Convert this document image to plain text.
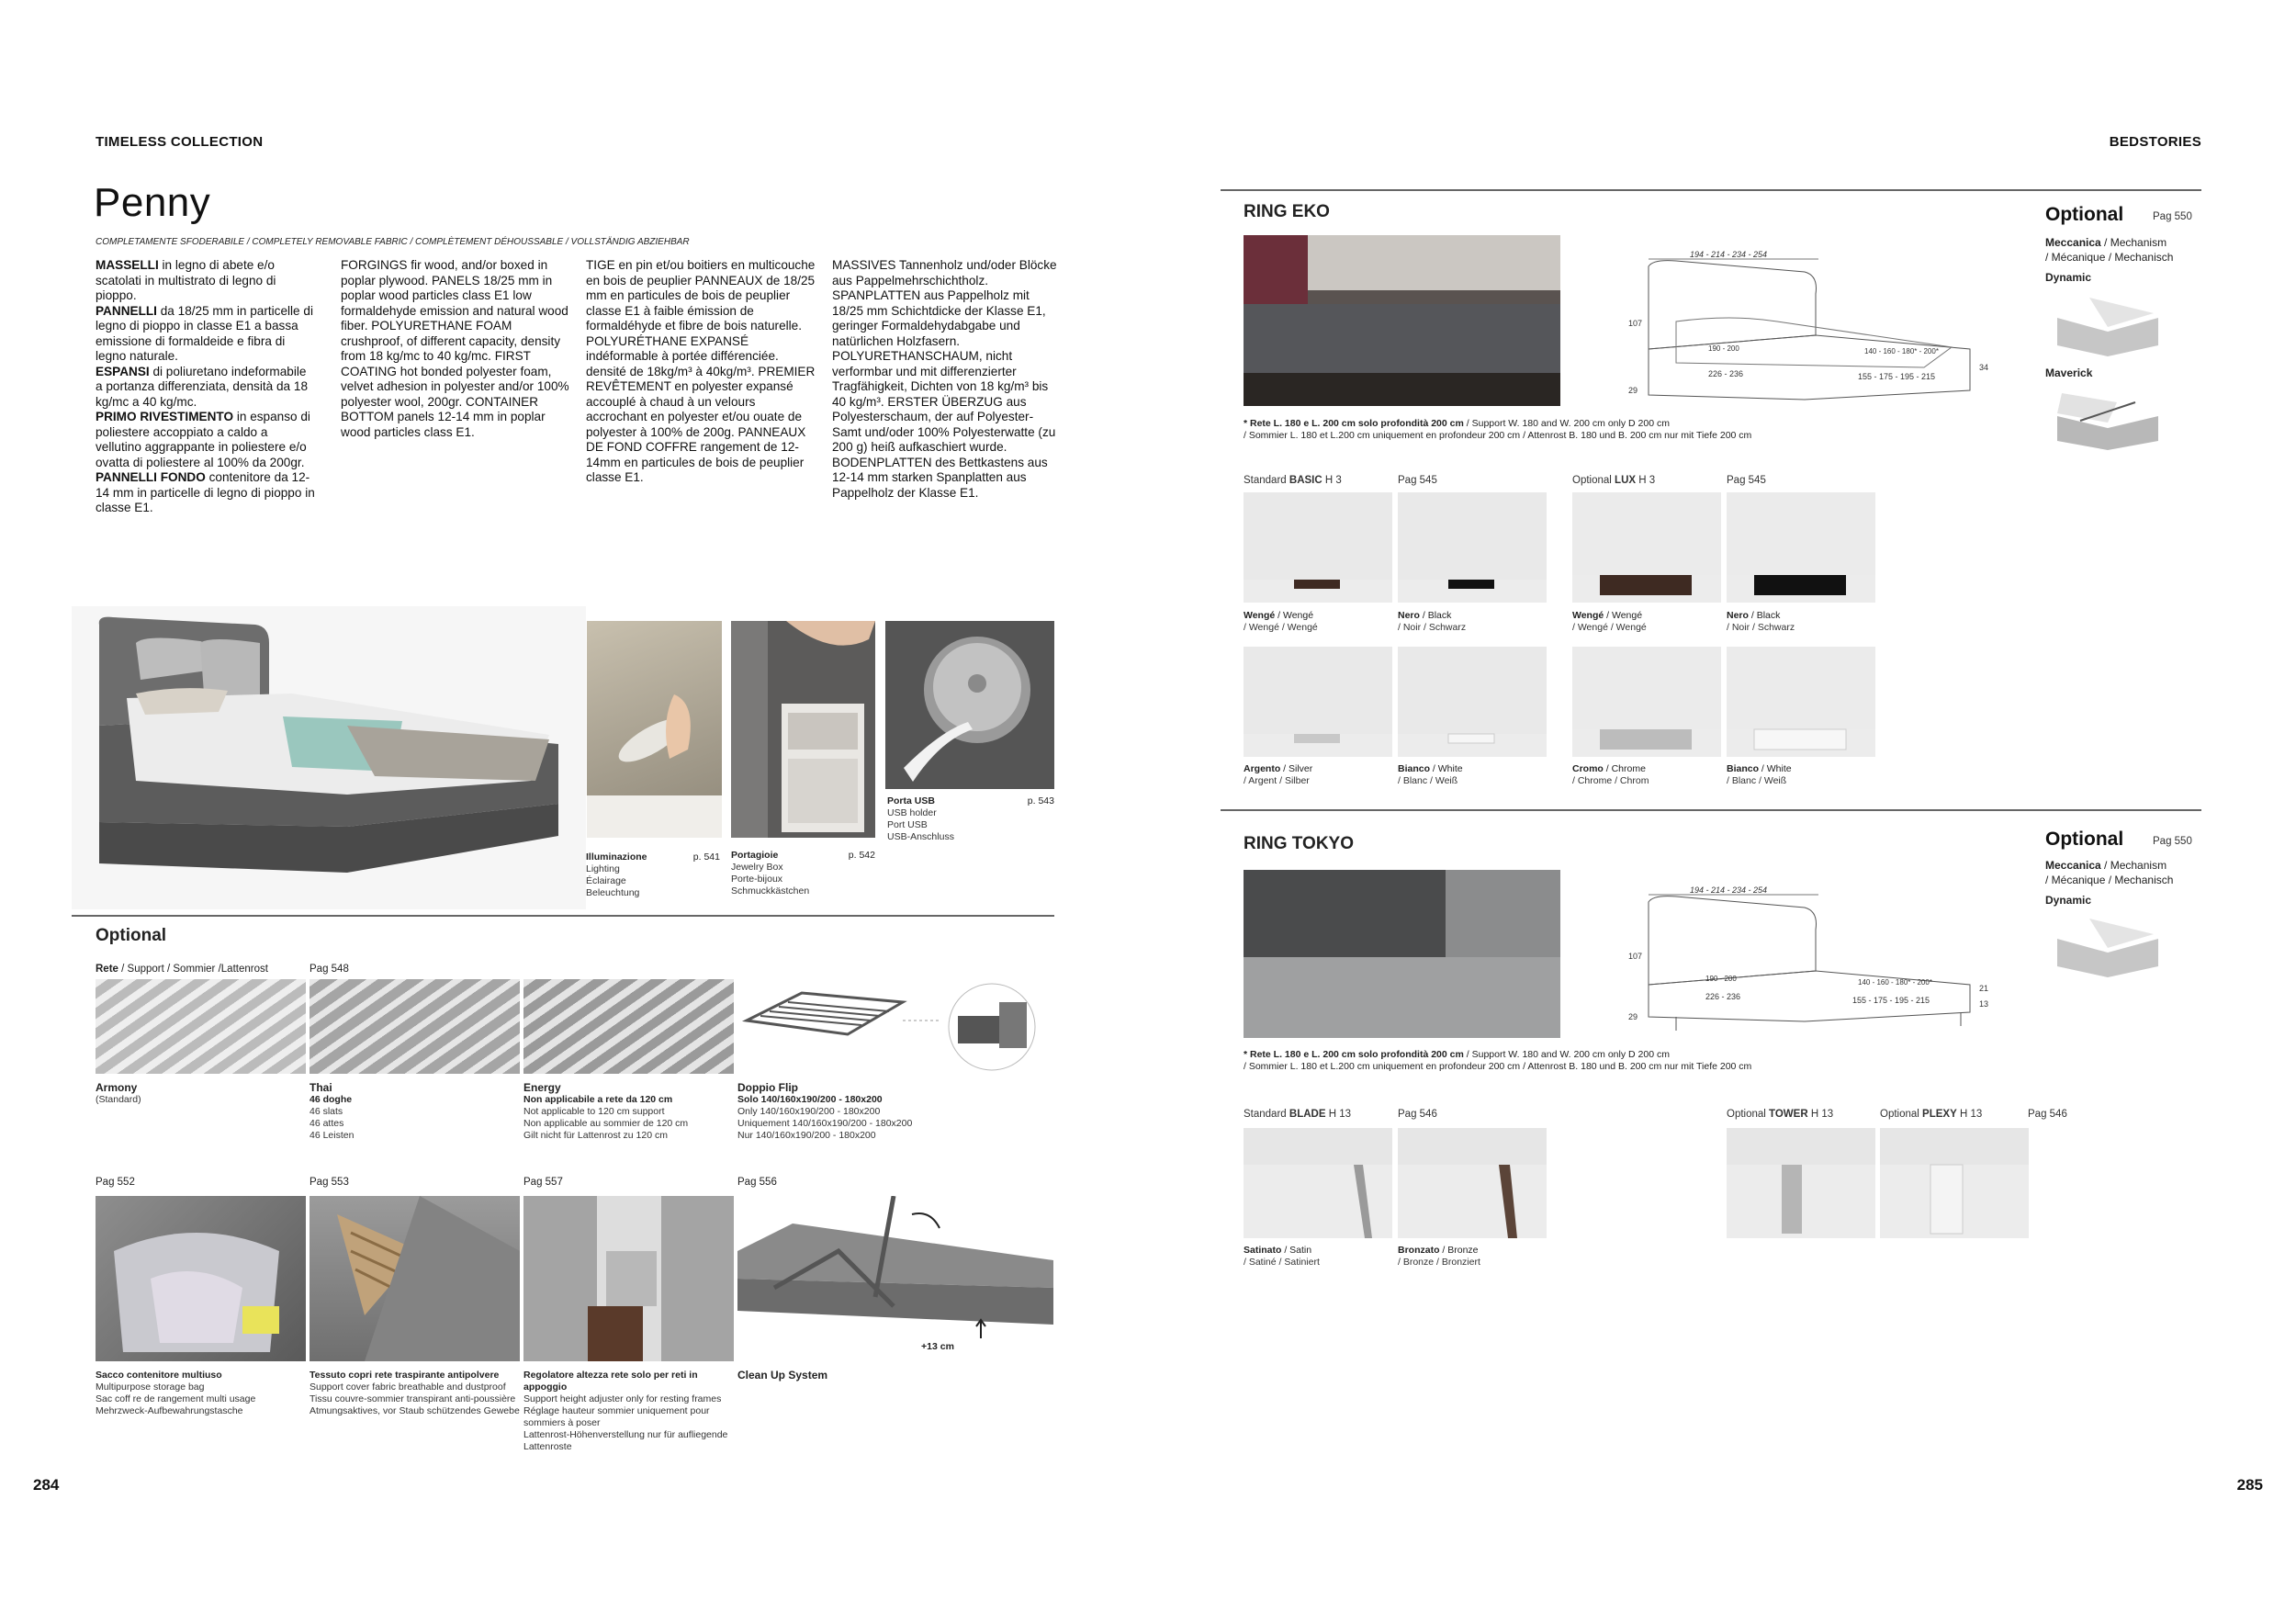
TIMELESS COLLECTION	BEDSTORIES
Penny
COMPLETAMENTE SFODERABILE / COMPLETELY REMOVABLE FABRIC / COMPLÈTEMENT DÉHOUSSABLE / VOLLSTÄNDIG ABZIEHBAR
MASSELLI in legno di abete e/o scatolati in multistrato di legno di pioppo.
PANNELLI da 18/25 mm in particelle di legno di pioppo in classe E1 a bassa emissione di formaldeide e fibra di legno naturale.
ESPANSI di poliuretano indeformabile a portanza differenziata, densità da 18 kg/mc a 40 kg/mc.
PRIMO RIVESTIMENTO in espanso di poliestere accoppiato a caldo a vellutino aggrappante in poliestere e/o ovatta di poliestere al 100% da 200gr.
PANNELLI FONDO contenitore da 12-14 mm in particelle di legno di pioppo in classe E1.
FORGINGS fir wood, and/or boxed in poplar plywood. PANELS 18/25 mm in poplar wood particles class E1 low formaldehyde emission and natural wood fiber. POLYURETHANE FOAM crushproof, of different capacity, density from 18 kg/mc to 40 kg/mc. FIRST COATING hot bonded polyester foam, velvet adhesion in polyester and/or 100% polyester wool, 200gr. CONTAINER BOTTOM panels 12-14 mm in poplar wood particles class E1.
TIGE en pin et/ou boitiers en multicouche en bois de peuplier PANNEAUX de 18/25 mm en particules de bois de peuplier classe E1 à faible émission de formaldéhyde et fibre de bois naturelle. POLYURÉTHANE EXPANSÉ indéformable à portée différenciée. densité de 18kg/m³ à 40kg/m³. PREMIER REVÊTEMENT en polyester expansé accouplé à chaud à un velours accrochant en polyester et/ou ouate de polyester à 100% de 200g. PANNEAUX DE FOND COFFRE rangement de 12-14mm en particules de bois de peuplier classe E1.
MASSIVES Tannenholz und/oder Blöcke aus Pappelmehrschichtholz. SPANPLATTEN aus Pappelholz mit 18/25 mm Schichtdicke der Klasse E1, geringer Formaldehydabgabe und natürlichen Holzfasern. POLYURETHANSCHAUM, nicht verformbar und mit differenzierter Tragfähigkeit, Dichten von 18 kg/m³ bis 40 kg/m³. ERSTER ÜBERZUG aus Polyesterschaum, der auf Polyester-Samt und/oder 100% Polyesterwatte (zu 200 g) heiß aufkaschiert wurde. BODENPLATTEN des Bettkastens aus 12-14 mm starken Spanplatten aus Pappelholz der Klasse E1.
Illuminazione	p. 541
Lighting
Éclairage
Beleuchtung
Portagioie	p. 542
Jewelry Box
Porte-bijoux
Schmuckkästchen
Porta USB	p. 543
USB holder
Port USB
USB-Anschluss
Optional
Rete / Support / Sommier /Lattenrost	Pag 548
Armony
(Standard)
Thai
46 doghe
46 slats
46 attes
46 Leisten
Energy
Non applicabile a rete da 120 cm
Not applicable to 120 cm support
Non applicable au sommier de 120 cm
Gilt nicht für Lattenrost zu 120 cm
Doppio Flip
Solo 140/160x190/200 - 180x200
Only 140/160x190/200 - 180x200
Uniquement 140/160x190/200 - 180x200
Nur 140/160x190/200 - 180x200
Pag 552	Pag 553	Pag 557	Pag 556
+13 cm
Sacco contenitore multiuso
Multipurpose storage bag
Sac coff re de rangement multi usage
Mehrzweck-Aufbewahrungstasche
Tessuto copri rete traspirante antipolvere
Support cover fabric breathable and dustproof
Tissu couvre-sommier transpirant anti-poussière
Atmungsaktives, vor Staub schützendes Gewebe
Regolatore altezza rete solo per reti in appoggio
Support height adjuster only for resting frames
Réglage hauteur sommier uniquement pour sommiers à poser
Lattenrost-Höhenverstellung nur für aufliegende Lattenroste
Clean Up System
284	285
RING EKO
194 - 214 - 234 - 254
107
190 - 200	140 - 160 - 180* - 200*
226 - 236	155 - 175 - 195 - 215
34
29
* Rete L. 180 e L. 200 cm solo profondità 200 cm / Support W. 180 and W. 200 cm only D 200 cm
/ Sommier L. 180 et L.200 cm uniquement en profondeur 200 cm / Attenrost B. 180 und B. 200 cm nur mit Tiefe 200 cm
Standard BASIC H 3	Pag 545	Optional LUX H 3	Pag 545
Wengé / Wengé
/ Wengé / Wengé
Nero / Black
/ Noir / Schwarz
Wengé / Wengé
/ Wengé / Wengé
Nero / Black
/ Noir / Schwarz
Argento / Silver
/ Argent / Silber
Bianco / White
/ Blanc / Weiß
Cromo / Chrome
/ Chrome / Chrom
Bianco / White
/ Blanc / Weiß
Optional	Pag 550
Meccanica / Mechanism
/ Mécanique / Mechanisch
Dynamic
Maverick
RING TOKYO
194 - 214 - 234 - 254
107
190 - 200	140 - 160 - 180* - 200*
226 - 236	155 - 175 - 195 - 215
21
13
29
* Rete L. 180 e L. 200 cm solo profondità 200 cm / Support W. 180 and W. 200 cm only D 200 cm
/ Sommier L. 180 et L.200 cm uniquement en profondeur 200 cm / Attenrost B. 180 und B. 200 cm nur mit Tiefe 200 cm
Standard BLADE H 13	Pag 546	Optional TOWER H 13	Optional PLEXY H 13	Pag 546
Satinato / Satin
/ Satiné / Satiniert
Bronzato / Bronze
/ Bronze / Bronziert
Optional	Pag 550
Meccanica / Mechanism
/ Mécanique / Mechanisch
Dynamic
